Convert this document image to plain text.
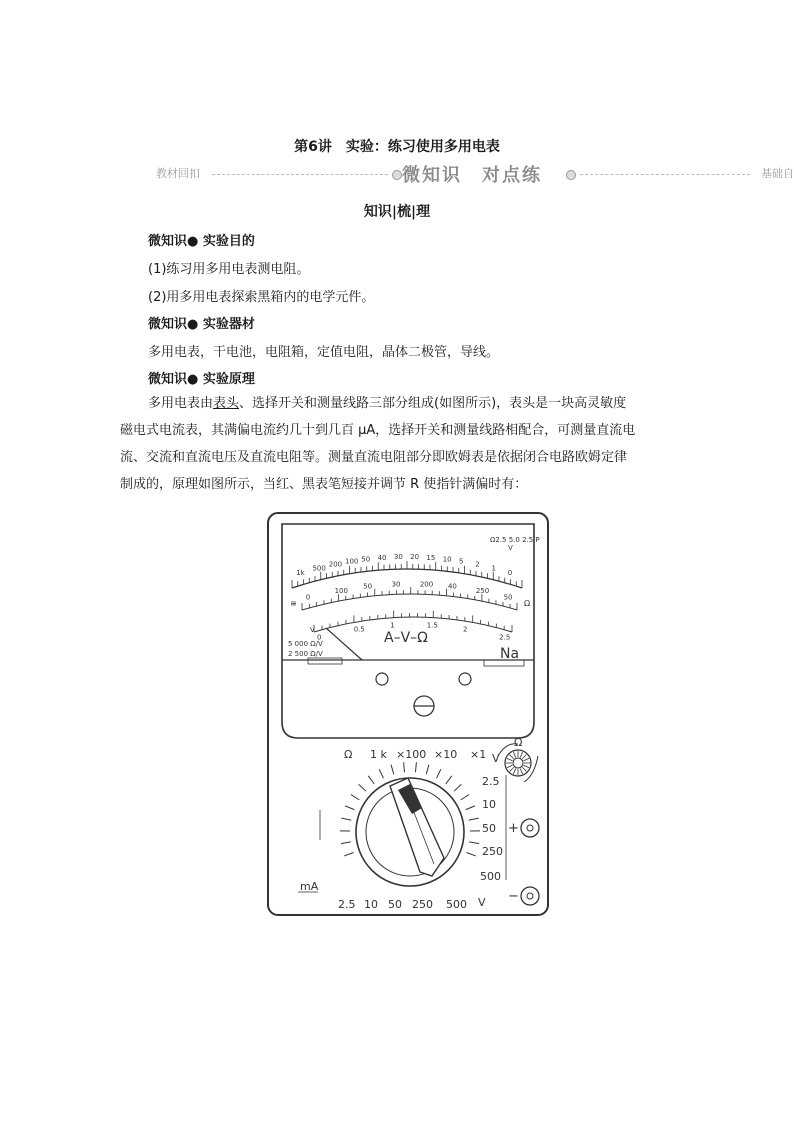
第6讲　实验：练习使用多用电表
教材回扣	微知识　对点练	基础自
知识|梳|理
微知识● 实验目的
(1)练习用多用电表测电阻。
(2)用多用电表探索黑箱内的电学元件。
微知识● 实验器材
多用电表，干电池，电阻箱，定值电阻，晶体二极管，导线。
微知识● 实验原理
多用电表由表头、选择开关和测量线路三部分组成(如图所示)，表头是一块高灵敏度
磁电式电流表，其满偏电流约几十到几百 μA，选择开关和测量线路相配合，可测量直流电
流、交流和直流电压及直流电阻等。测量直流电阻部分即欧姆表是依据闭合电路欧姆定律
制成的，原理如图所示，当红、黑表笔短接并调节 R 使指针满偏时有：
1k
500 200 100 50 40 30 20 15 10 5 2 1
0
Ω2.5 5.0 2.5 P
V
0
100
50	30	200 40
250
50
0
0.5
1	1.5
2
2.5
Ω
≅
V
5 000 Ω/V
2 500 Ω/V
A–V–Ω
Na
Ω
Ω 1 k ×100 ×10 ×1 V
2.5
10
50
250
500
2.5 10 50 250 500 V
mA
+
−
